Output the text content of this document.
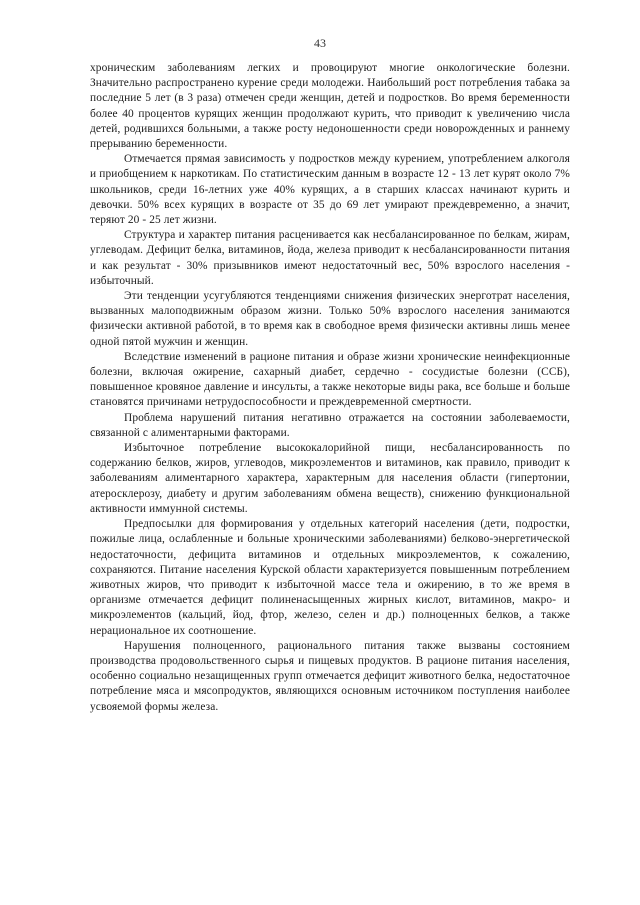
43

хроническим заболеваниям легких и провоцируют многие онкологические болезни. Значительно распространено курение среди молодежи. Наибольший рост потребления табака за последние 5 лет (в 3 раза) отмечен среди женщин, детей и подростков. Во время беременности более 40 процентов курящих женщин продолжают курить, что приводит к увеличению числа детей, родившихся больными, а также росту недоношенности среди новорожденных и раннему прерыванию беременности.

Отмечается прямая зависимость у подростков между курением, употреблением алкоголя и приобщением к наркотикам. По статистическим данным в возрасте 12 - 13 лет курят около 7% школьников, среди 16-летних уже 40% курящих, а в старших классах начинают курить и девочки. 50% всех курящих в возрасте от 35 до 69 лет умирают преждевременно, а значит, теряют 20 - 25 лет жизни.

Структура и характер питания расценивается как несбалансированное по белкам, жирам, углеводам. Дефицит белка, витаминов, йода, железа приводит к несбалансированности питания и как результат - 30% призывников имеют недостаточный вес, 50% взрослого населения - избыточный.

Эти тенденции усугубляются тенденциями снижения физических энерготрат населения, вызванных малоподвижным образом жизни. Только 50% взрослого населения занимаются физически активной работой, в то время как в свободное время физически активны лишь менее одной пятой мужчин и женщин.

Вследствие изменений в рационе питания и образе жизни хронические неинфекционные болезни, включая ожирение, сахарный диабет, сердечно - сосудистые болезни (ССБ), повышенное кровяное давление и инсульты, а также некоторые виды рака, все больше и больше становятся причинами нетрудоспособности и преждевременной смертности.

Проблема нарушений питания негативно отражается на состоянии заболеваемости, связанной с алиментарными факторами.

Избыточное потребление высококалорийной пищи, несбалансированность по содержанию белков, жиров, углеводов, микроэлементов и витаминов, как правило, приводит к заболеваниям алиментарного характера, характерным для населения области (гипертонии, атеросклерозу, диабету и другим заболеваниям обмена веществ), снижению функциональной активности иммунной системы.

Предпосылки для формирования у отдельных категорий населения (дети, подростки, пожилые лица, ослабленные и больные хроническими заболеваниями) белково-энергетической недостаточности, дефицита витаминов и отдельных микроэлементов, к сожалению, сохраняются. Питание населения Курской области характеризуется повышенным потреблением животных жиров, что приводит к избыточной массе тела и ожирению, в то же время в организме отмечается дефицит полиненасыщенных жирных кислот, витаминов, макро- и микроэлементов (кальций, йод, фтор, железо, селен и др.) полноценных белков, а также нерациональное их соотношение.

Нарушения полноценного, рационального питания также вызваны состоянием производства продовольственного сырья и пищевых продуктов. В рационе питания населения, особенно социально незащищенных групп отмечается дефицит животного белка, недостаточное потребление мяса и мясопродуктов, являющихся основным источником поступления наиболее усвояемой формы железа.
